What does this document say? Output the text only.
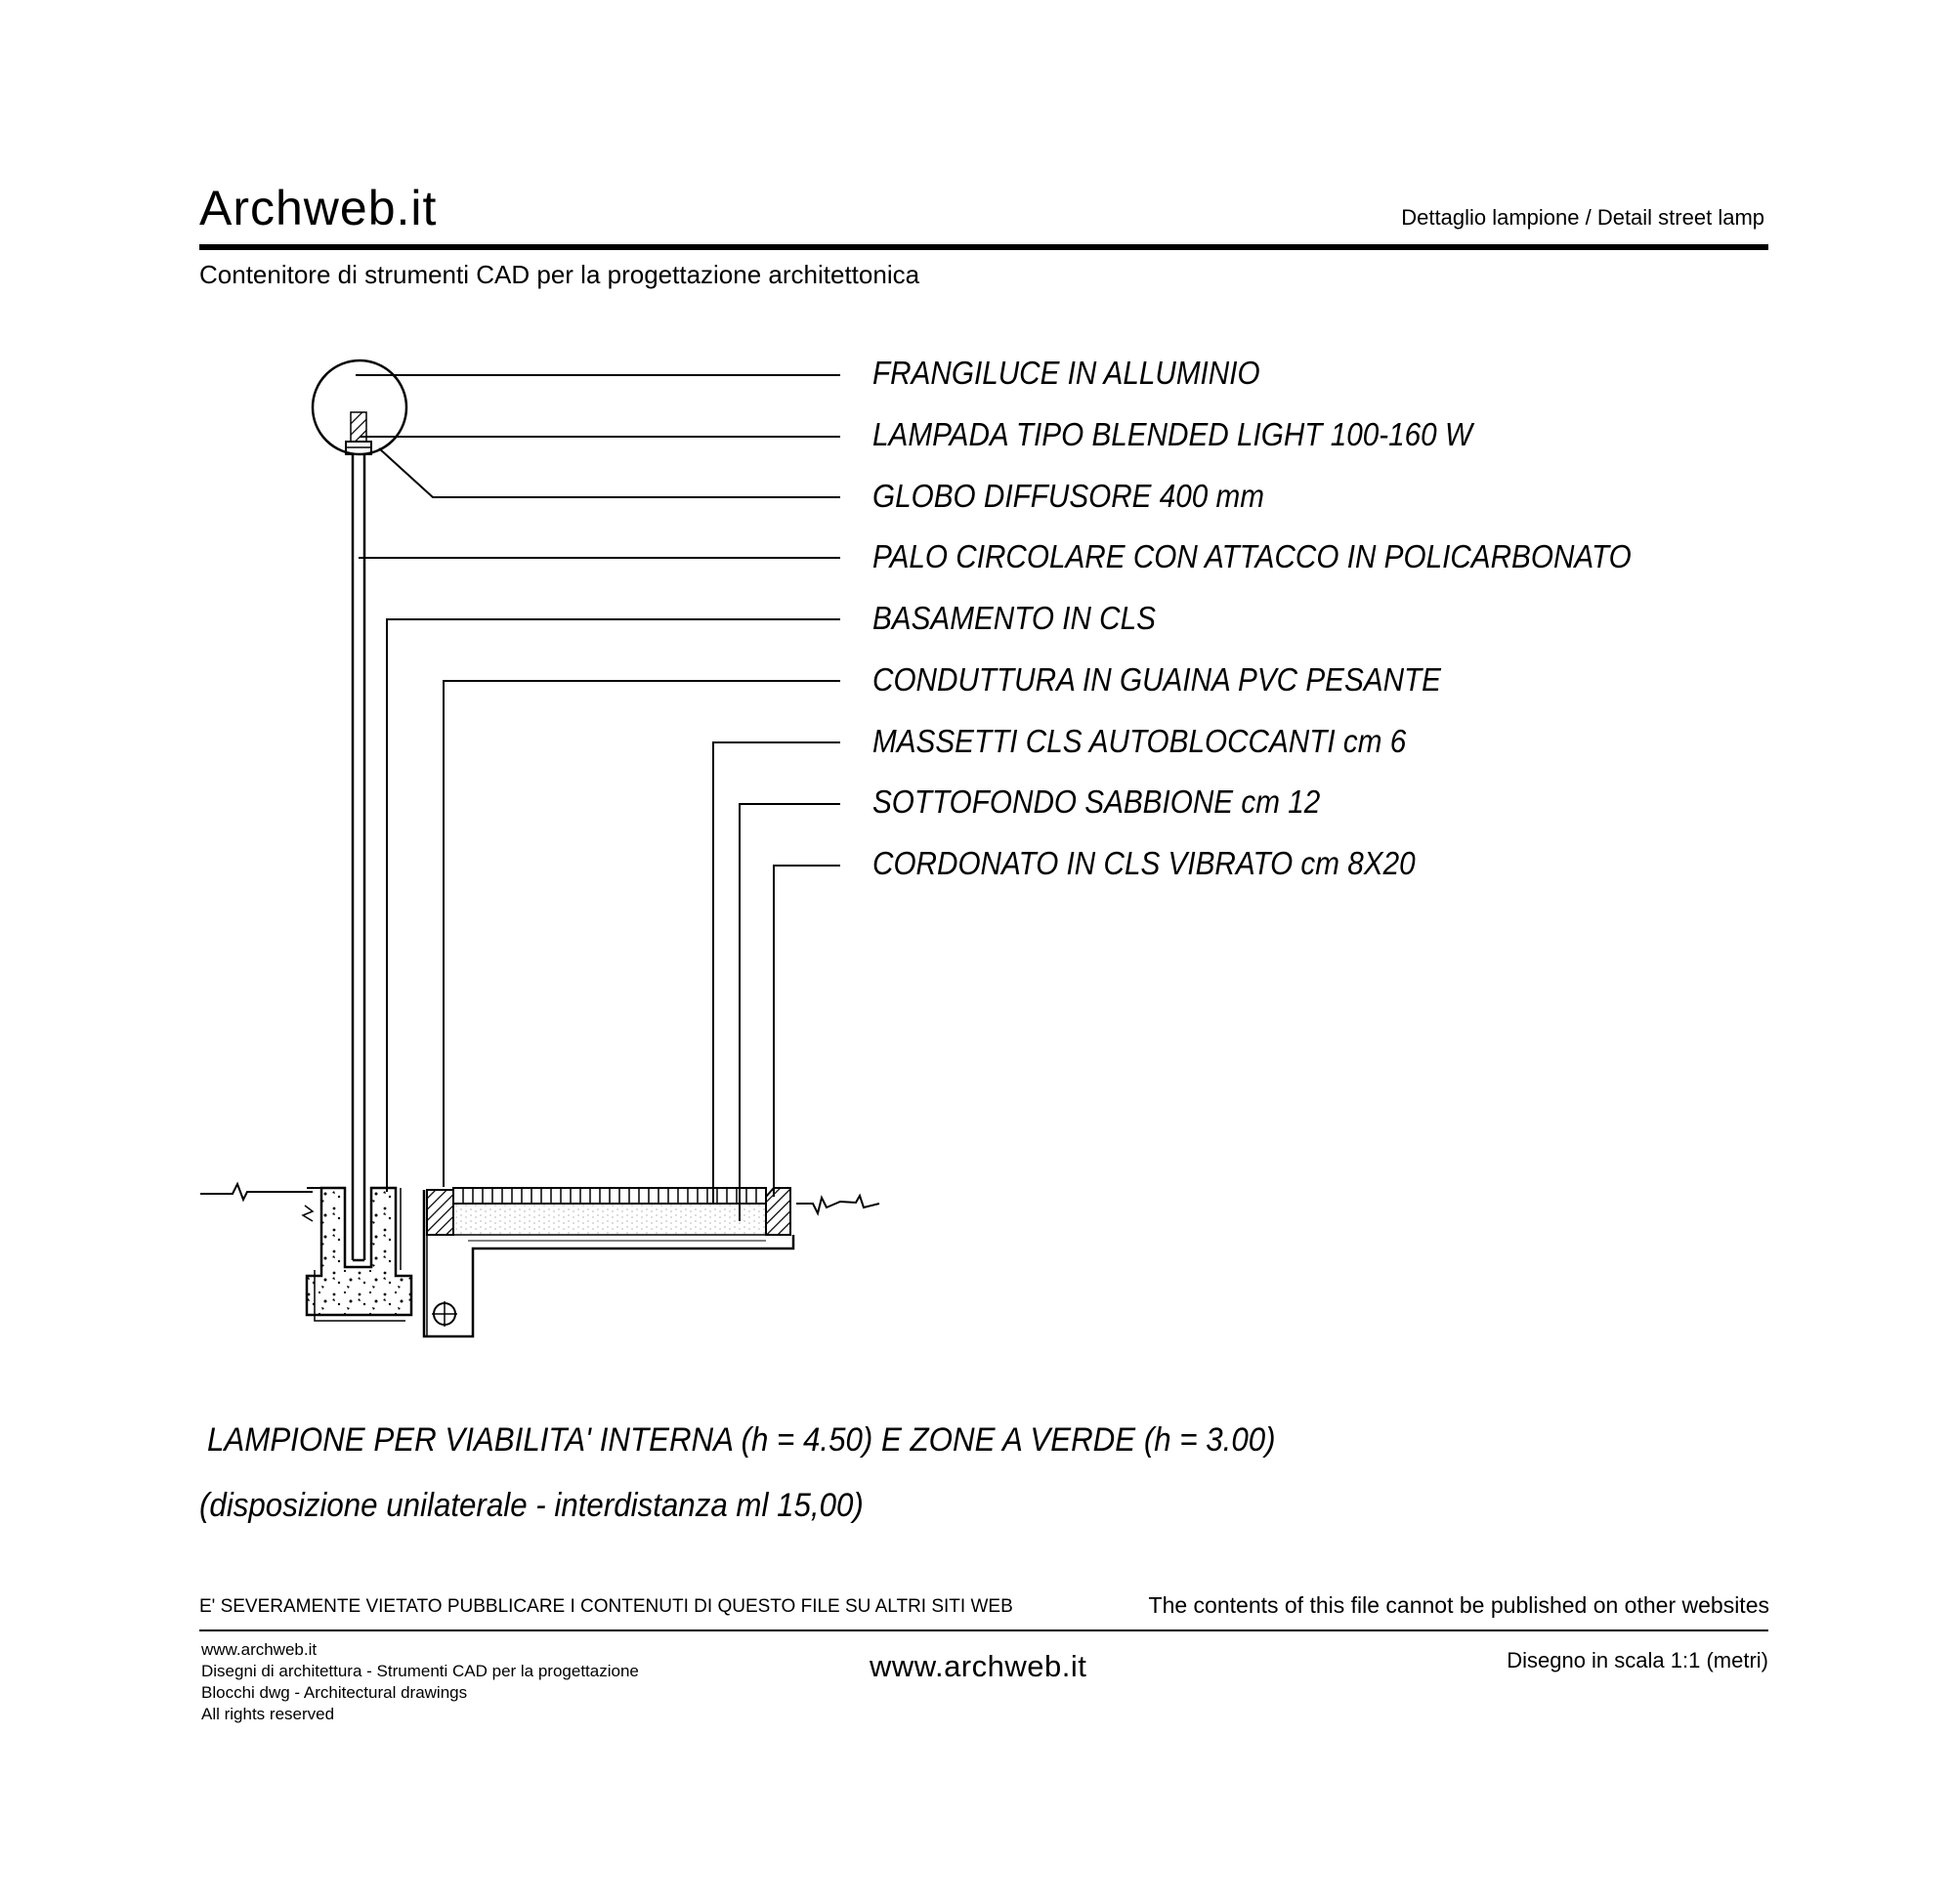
Archweb.it	Dettaglio lampione / Detail street lamp
Contenitore di strumenti CAD per la progettazione architettonica
FRANGILUCE IN ALLUMINIO
LAMPADA TIPO BLENDED LIGHT 100-160 W
GLOBO DIFFUSORE 400 mm
PALO CIRCOLARE CON ATTACCO IN POLICARBONATO
BASAMENTO IN CLS
CONDUTTURA IN GUAINA PVC PESANTE
MASSETTI CLS AUTOBLOCCANTI cm 6
SOTTOFONDO SABBIONE cm 12
CORDONATO IN CLS VIBRATO cm 8X20
LAMPIONE PER VIABILITA' INTERNA (h = 4.50) E ZONE A VERDE (h = 3.00)
(disposizione unilaterale - interdistanza ml 15,00)
E' SEVERAMENTE VIETATO PUBBLICARE I CONTENUTI DI QUESTO FILE SU ALTRI SITI WEB	The contents of this file cannot be published on other websites
www.archweb.it
Disegni di architettura - Strumenti CAD per la progettazione
Blocchi dwg - Architectural drawings
All rights reserved
www.archweb.it	Disegno in scala 1:1 (metri)
